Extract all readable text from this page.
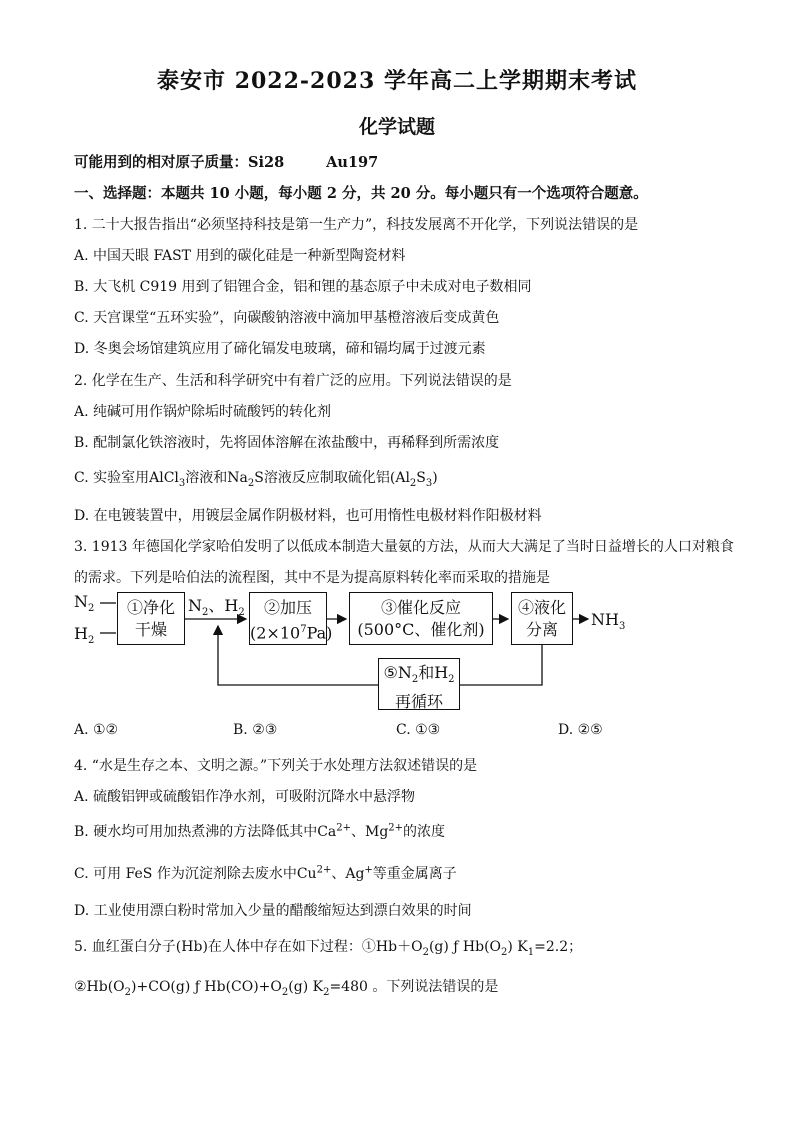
泰安市 2022-2023 学年高二上学期期末考试
化学试题
可能用到的相对原子质量：Si28	Au197
一、选择题：本题共 10 小题，每小题 2 分，共 20 分。每小题只有一个选项符合题意。
1. 二十大报告指出“必须坚持科技是第一生产力”，科技发展离不开化学，下列说法错误的是
A. 中国天眼 FAST 用到的碳化硅是一种新型陶瓷材料
B. 大飞机 C919 用到了铝锂合金，铝和锂的基态原子中未成对电子数相同
C. 天宫课堂“五环实验”，向碳酸钠溶液中滴加甲基橙溶液后变成黄色
D. 冬奥会场馆建筑应用了碲化镉发电玻璃，碲和镉均属于过渡元素
2. 化学在生产、生活和科学研究中有着广泛的应用。下列说法错误的是
A. 纯碱可用作锅炉除垢时硫酸钙的转化剂
B. 配制氯化铁溶液时，先将固体溶解在浓盐酸中，再稀释到所需浓度
C. 实验室用AlCl$_3$溶液和$Na_2S$溶液反应制取硫化铝$(Al_2S_3)$
D. 在电镀装置中，用镀层金属作阴极材料，也可用惰性电极材料作阳极材料
3. 1913 年德国化学家哈伯发明了以低成本制造大量氨的方法，从而大大满足了当时日益增长的人口对粮食
的需求。下列是哈伯法的流程图，其中不是为提高原料转化率而采取的措施是
$N_2$
$H_2$
①净化
干燥
$N_2$、$H_2$	②加压
$(2\times 10^7Pa)$
③催化反应
(500°C、催化剂)
④液化
分离
$NH_3$
$⑤N_2$和$H_2$
再循环
A. ①②	B. ②③	C. ①③	D. ②⑤
4. “水是生存之本、文明之源。”下列关于水处理方法叙述错误的是
A. 硫酸铝钾或硫酸铝作净水剂，可吸附沉降水中悬浮物
B. 硬水均可用加热煮沸的方法降低其中$Ca^{2+}$、$Mg^{2+}$的浓度
C. 可用 FeS 作为沉淀剂除去废水中$Cu^{2+}$、Ag+等重金属离子
D. 工业使用漂白粉时常加入少量的醋酸缩短达到漂白效果的时间
5. 血红蛋白分子(Hb)在人体中存在如下过程：$①Hb+O_2(g)$ ƒ $Hb(O_2)$ $K_1=2.2$；
$②Hb(O_2)+CO(g)$ ƒ $Hb(CO)+O_2(g)$ $K_2=480$ 。下列说法错误的是
